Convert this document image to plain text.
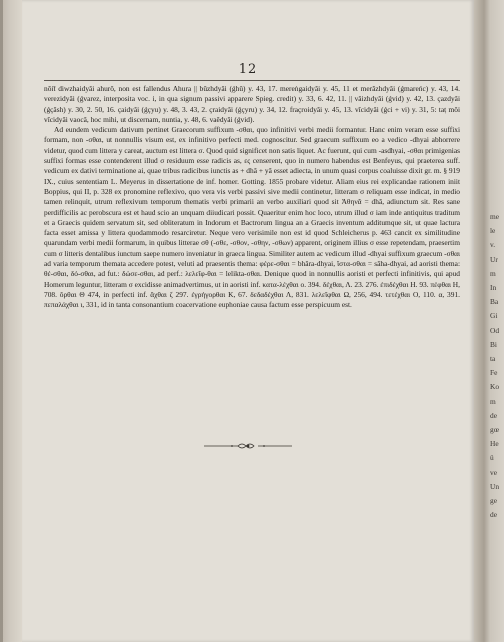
12

nōit̄ diwzhaidyâi ahurô, non est fallendus Ahura || bûzhdyâi (ǵhû) y. 43, 17. mereṅgaidyâi y. 45, 11 et merăzhdyâi (ǵmareńc) y. 43, 14. verezidyâi (ǵvarez, interposita voc. i, in qua signum passivi apparere Spieg. credit) y. 33, 6. 42, 11. || vâizhdyâi (ǵvid) y. 42, 13. çazdyâi (ǵçâsh) y. 30, 2. 50, 16. çaidyâi (ǵçyu) y. 48, 3. 43, 2. çraidyâi (ǵçyru) y. 34, 12. fraçroidyâi y. 45, 13. vîcidyâi (ǵci + vi) y. 31, 5: taṭ môi vîcidyâi vaocâ, hoc mihi, ut discernam, nuntia, y. 48, 6. vaêdyâi (ǵvid).

Ad eundem vedicum dativum pertinet Graecorum suffixum -σθαι, quo infinitivi verbi medii formantur. Hanc enim veram esse suffixi formam, non -σθαι, ut nonnullis visum est, ex infinitivo perfecti med. cognoscitur. Sed graecum suffixum eo a vedico -dhyai abhorrere videtur, quod cum littera y careat, auctum est littera σ. Quod quid significet non satis liquet. Ac fuerunt, qui cum -asdhyai, -σθαι primigenias suffixi formas esse contenderent illud σ residuum esse radicis as, ες censerent, quo in numero habendus est Benfeyus, qui praeterea suff. vedicum ex dativi terminatione ai, quae tribus radicibus iunctis as + dhâ + yâ esset adiecta, in unum quasi corpus coaluisse dixit gr. m. § 919 IX., cuius sententiam L. Meyerus in dissertatione de inf. homer. Gotting. 1855 probare videtur. Aliam eius rei explicandae rationem iniit Boppius, qui II, p. 328 ex pronomine reflexivo, quo vera vis verbi passivi sive medii continetur, litteram σ reliquam esse indicat, in medio tamen relinquit, utrum reflexivum temporum thematis verbi primarii an verbo auxiliari quod sit Ἀθηνᾶ = dhâ, adiunctum sit. Res sane perdifficilis ac perobscura est et haud scio an unquam diiudicari possit. Quaeritur enim hoc loco, utrum illud σ iam inde antiquitus traditum et a Graecis quidem servatum sit, sed obliteratum in Indorum et Bactrorum lingua an a Graecis inventum additumque sit, ut quae lactura facta esset amissa y littera quodammodo resarciretur. Neque vero verisimile non est id quod Schleicherus p. 463 cancit ex similitudine quarundam verbi medii formarum, in quibus litterae σθ (-σθε, -σθον, -σθην, -σθων) apparent, originem illius σ esse repetendam, praesertim cum σ litteris dentalibus iunctum saepe numero inveniatur in graeca lingua. Similiter autem ac vedicum illud -dhyai suffixum graecum -σθαι ad varia temporum themata accedere potest, veluti ad praesentis thema: φέρε-σθαι = bhâra-dhyai, ἵστα-σθαι = sâha-dhyai, ad aoristi thema: θέ-σθαι, δό-σθαι, ad fut.: δώσε-σθαι, ad perf.: λελεῖφ-θαι = lelikta-σθαι. Denique quod in nonnullis aoristi et perfecti infinitivis, qui apud Homerum leguntur, litteram σ excidisse animadvertimus, ut in aoristi inf. κατα-λέχθαι ο. 394. δέχθαι, Λ. 23. 276. ἐπιδέχθαι Η. 93. πέφθαι Η, 708. ὄρθαι Θ 474, in perfecti inf. ἄχθαι ζ 297. ἐγρήγορθαι Κ, 67. δεδαδέχθαι Λ, 831. λελεῖφθαι Ω, 256, 494. τετέχθαι Ο, 110. α, 391. πεπαλάχθαι ι, 331, id in tanta consonantium coacervatione euphoniae causa factum esse perspicuum est.

me
le
v.
Ur
m
In
Ba
Gi
Od
Bi
ta
Fe
Ko
m
de
gœ
He
ü
ve
Un
ge
de
